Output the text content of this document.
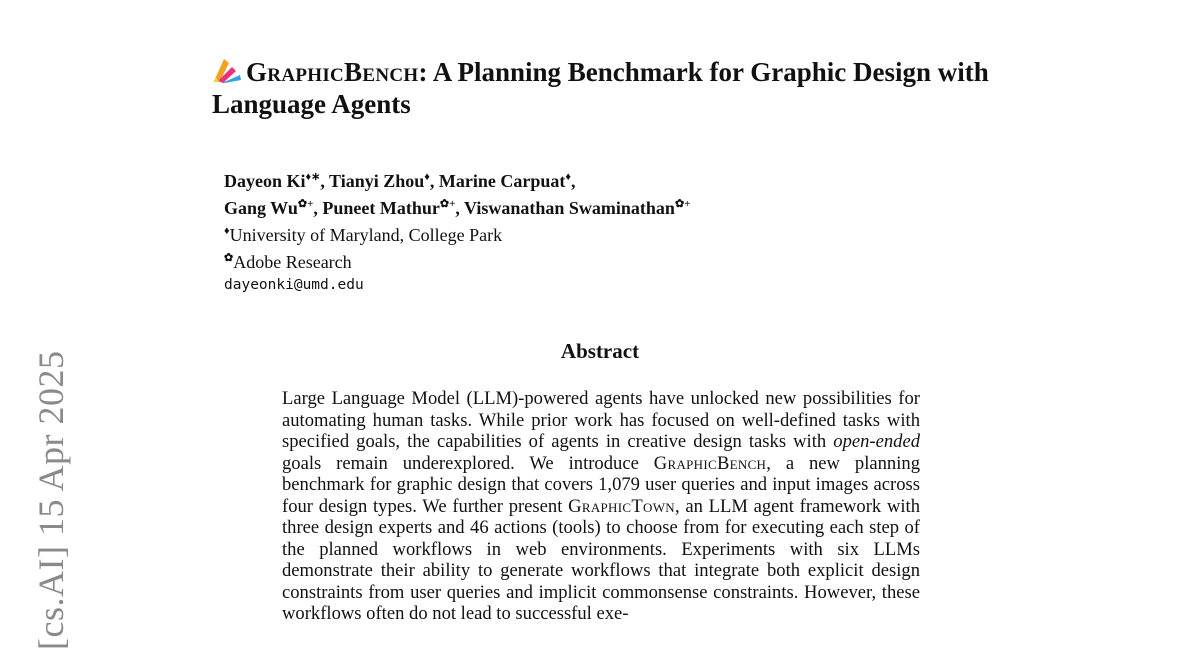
[cs.AI] 15 Apr 2025
GraphicBench: A Planning Benchmark for Graphic Design with Language Agents
Dayeon Ki♦∗, Tianyi Zhou♦, Marine Carpuat♦,
Gang Wu✿+, Puneet Mathur✿+, Viswanathan Swaminathan✿+
♦University of Maryland, College Park
✿Adobe Research
dayeonki@umd.edu
Abstract
Large Language Model (LLM)-powered agents have unlocked new possibilities for automating human tasks. While prior work has focused on well-defined tasks with specified goals, the capabilities of agents in creative design tasks with open-ended goals remain underexplored. We introduce GraphicBench, a new planning benchmark for graphic design that covers 1,079 user queries and input images across four design types. We further present GraphicTown, an LLM agent framework with three design experts and 46 actions (tools) to choose from for executing each step of the planned workflows in web environments. Experiments with six LLMs demonstrate their ability to generate workflows that integrate both explicit design constraints from user queries and implicit commonsense constraints. However, these workflows often do not lead to successful exe-
